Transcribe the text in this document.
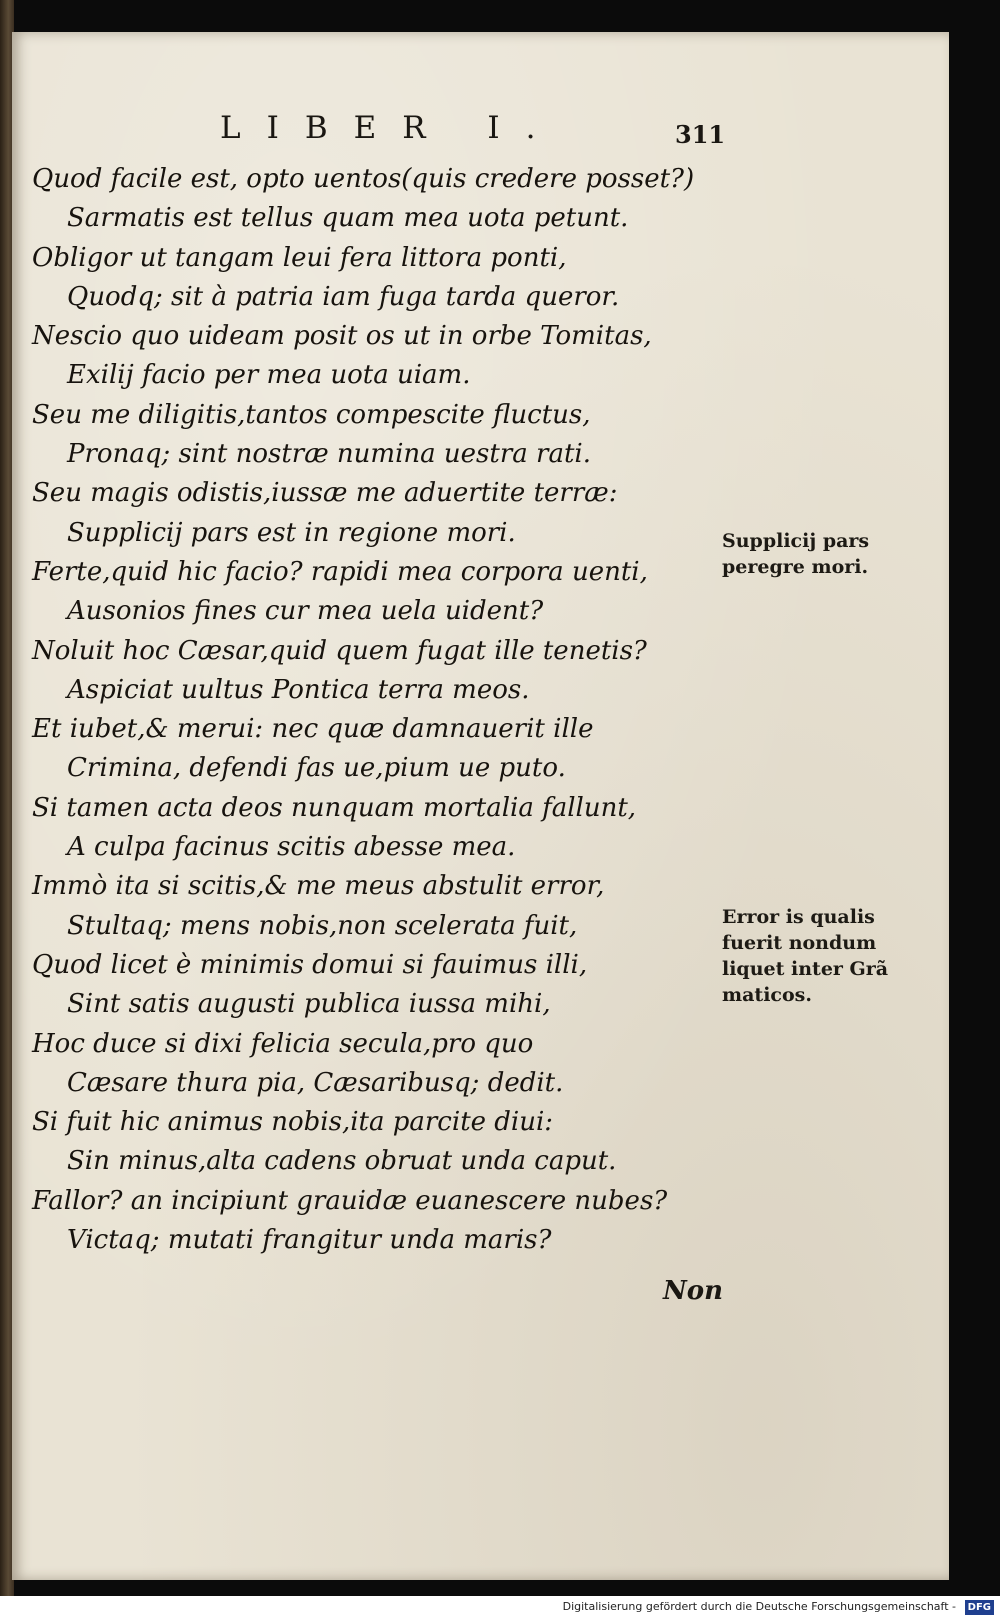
LIBER I.	311
Quod facile est, opto uentos(quis credere posset?)
Sarmatis est tellus quam mea uota petunt.
Obligor ut tangam leui fera littora ponti,
Quodq; sit à patria iam fuga tarda queror.
Nescio quo uideam posit os ut in orbe Tomitas,
Exilij facio per mea uota uiam.
Seu me diligitis,tantos compescite fluctus,
Pronaq; sint nostræ numina uestra rati.
Seu magis odistis,iussæ me aduertite terræ:
Supplicij pars est in regione mori.
Ferte,quid hic facio? rapidi mea corpora uenti,
Ausonios fines cur mea uela uident?
Noluit hoc Cæsar,quid quem fugat ille tenetis?
Aspiciat uultus Pontica terra meos.
Et iubet,& merui: nec quæ damnauerit ille
Crimina, defendi fas ue,pium ue puto.
Si tamen acta deos nunquam mortalia fallunt,
A culpa facinus scitis abesse mea.
Immò ita si scitis,& me meus abstulit error,
Stultaq; mens nobis,non scelerata fuit,
Quod licet è minimis domui si fauimus illi,
Sint satis augusti publica iussa mihi,
Hoc duce si dixi felicia secula,pro quo
Cæsare thura pia, Cæsaribusq; dedit.
Si fuit hic animus nobis,ita parcite diui:
Sin minus,alta cadens obruat unda caput.
Fallor? an incipiunt grauidæ euanescere nubes?
Victaq; mutati frangitur unda maris?
Supplicij pars
peregre mori.
Error is qualis
fuerit nondum
liquet inter Grã
maticos.
Non
Digitalisierung gefördert durch die Deutsche Forschungsgemeinschaft -	DFG
